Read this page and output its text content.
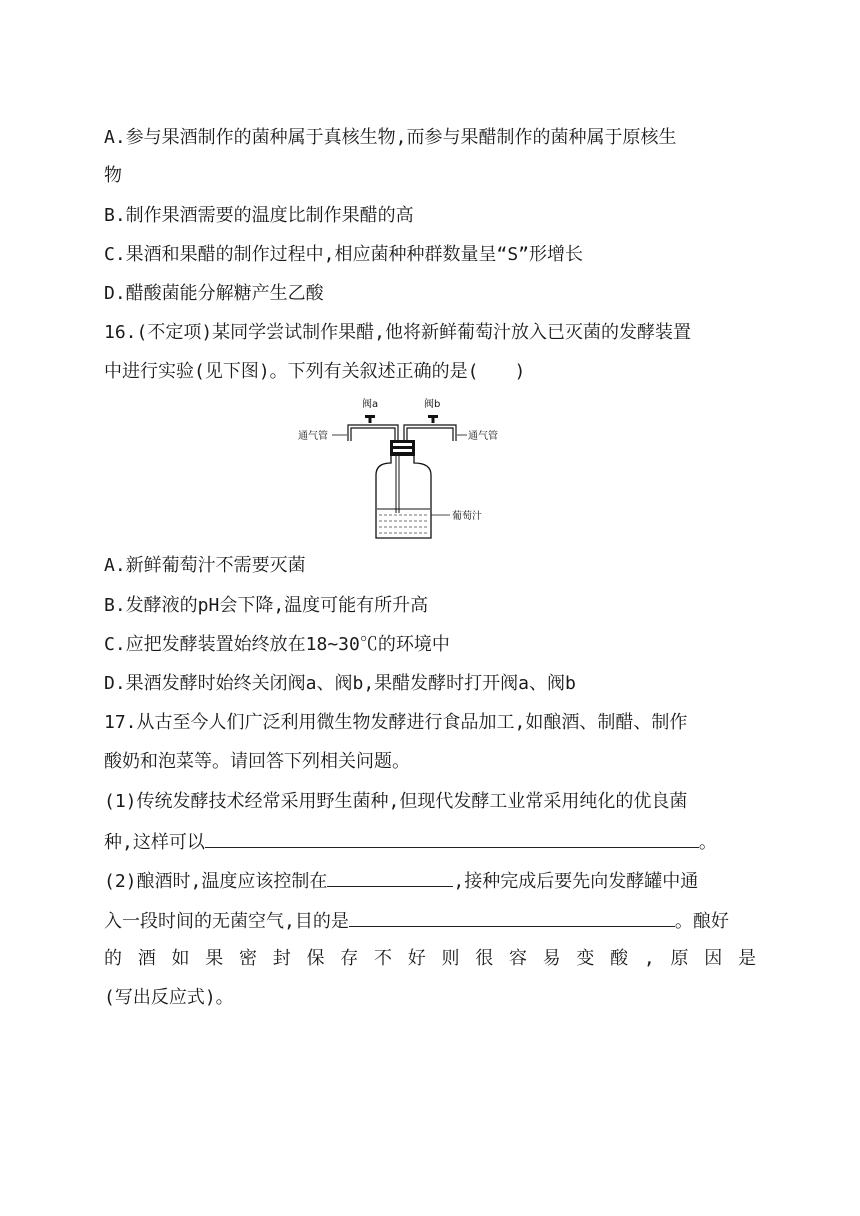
A.参与果酒制作的菌种属于真核生物,而参与果醋制作的菌种属于原核生
物
B.制作果酒需要的温度比制作果醋的高
C.果酒和果醋的制作过程中,相应菌种种群数量呈“S”形增长
D.醋酸菌能分解糖产生乙酸
16.(不定项)某同学尝试制作果醋,他将新鲜葡萄汁放入已灭菌的发酵装置
中进行实验(见下图)。下列有关叙述正确的是(　　)
阀a	阀b
通气管	通气管
葡萄汁
A.新鲜葡萄汁不需要灭菌
B.发酵液的pH会下降,温度可能有所升高
C.应把发酵装置始终放在18~30℃的环境中
D.果酒发酵时始终关闭阀a、阀b,果醋发酵时打开阀a、阀b
17.从古至今人们广泛利用微生物发酵进行食品加工,如酿酒、制醋、制作
酸奶和泡菜等。请回答下列相关问题。
(1)传统发酵技术经常采用野生菌种,但现代发酵工业常采用纯化的优良菌
种,这样可以	。
(2)酿酒时,温度应该控制在	,接种完成后要先向发酵罐中通
入一段时间的无菌空气,目的是	。酿好
的酒如果密封保存不好则很容易变酸,原因是
(写出反应式)。
